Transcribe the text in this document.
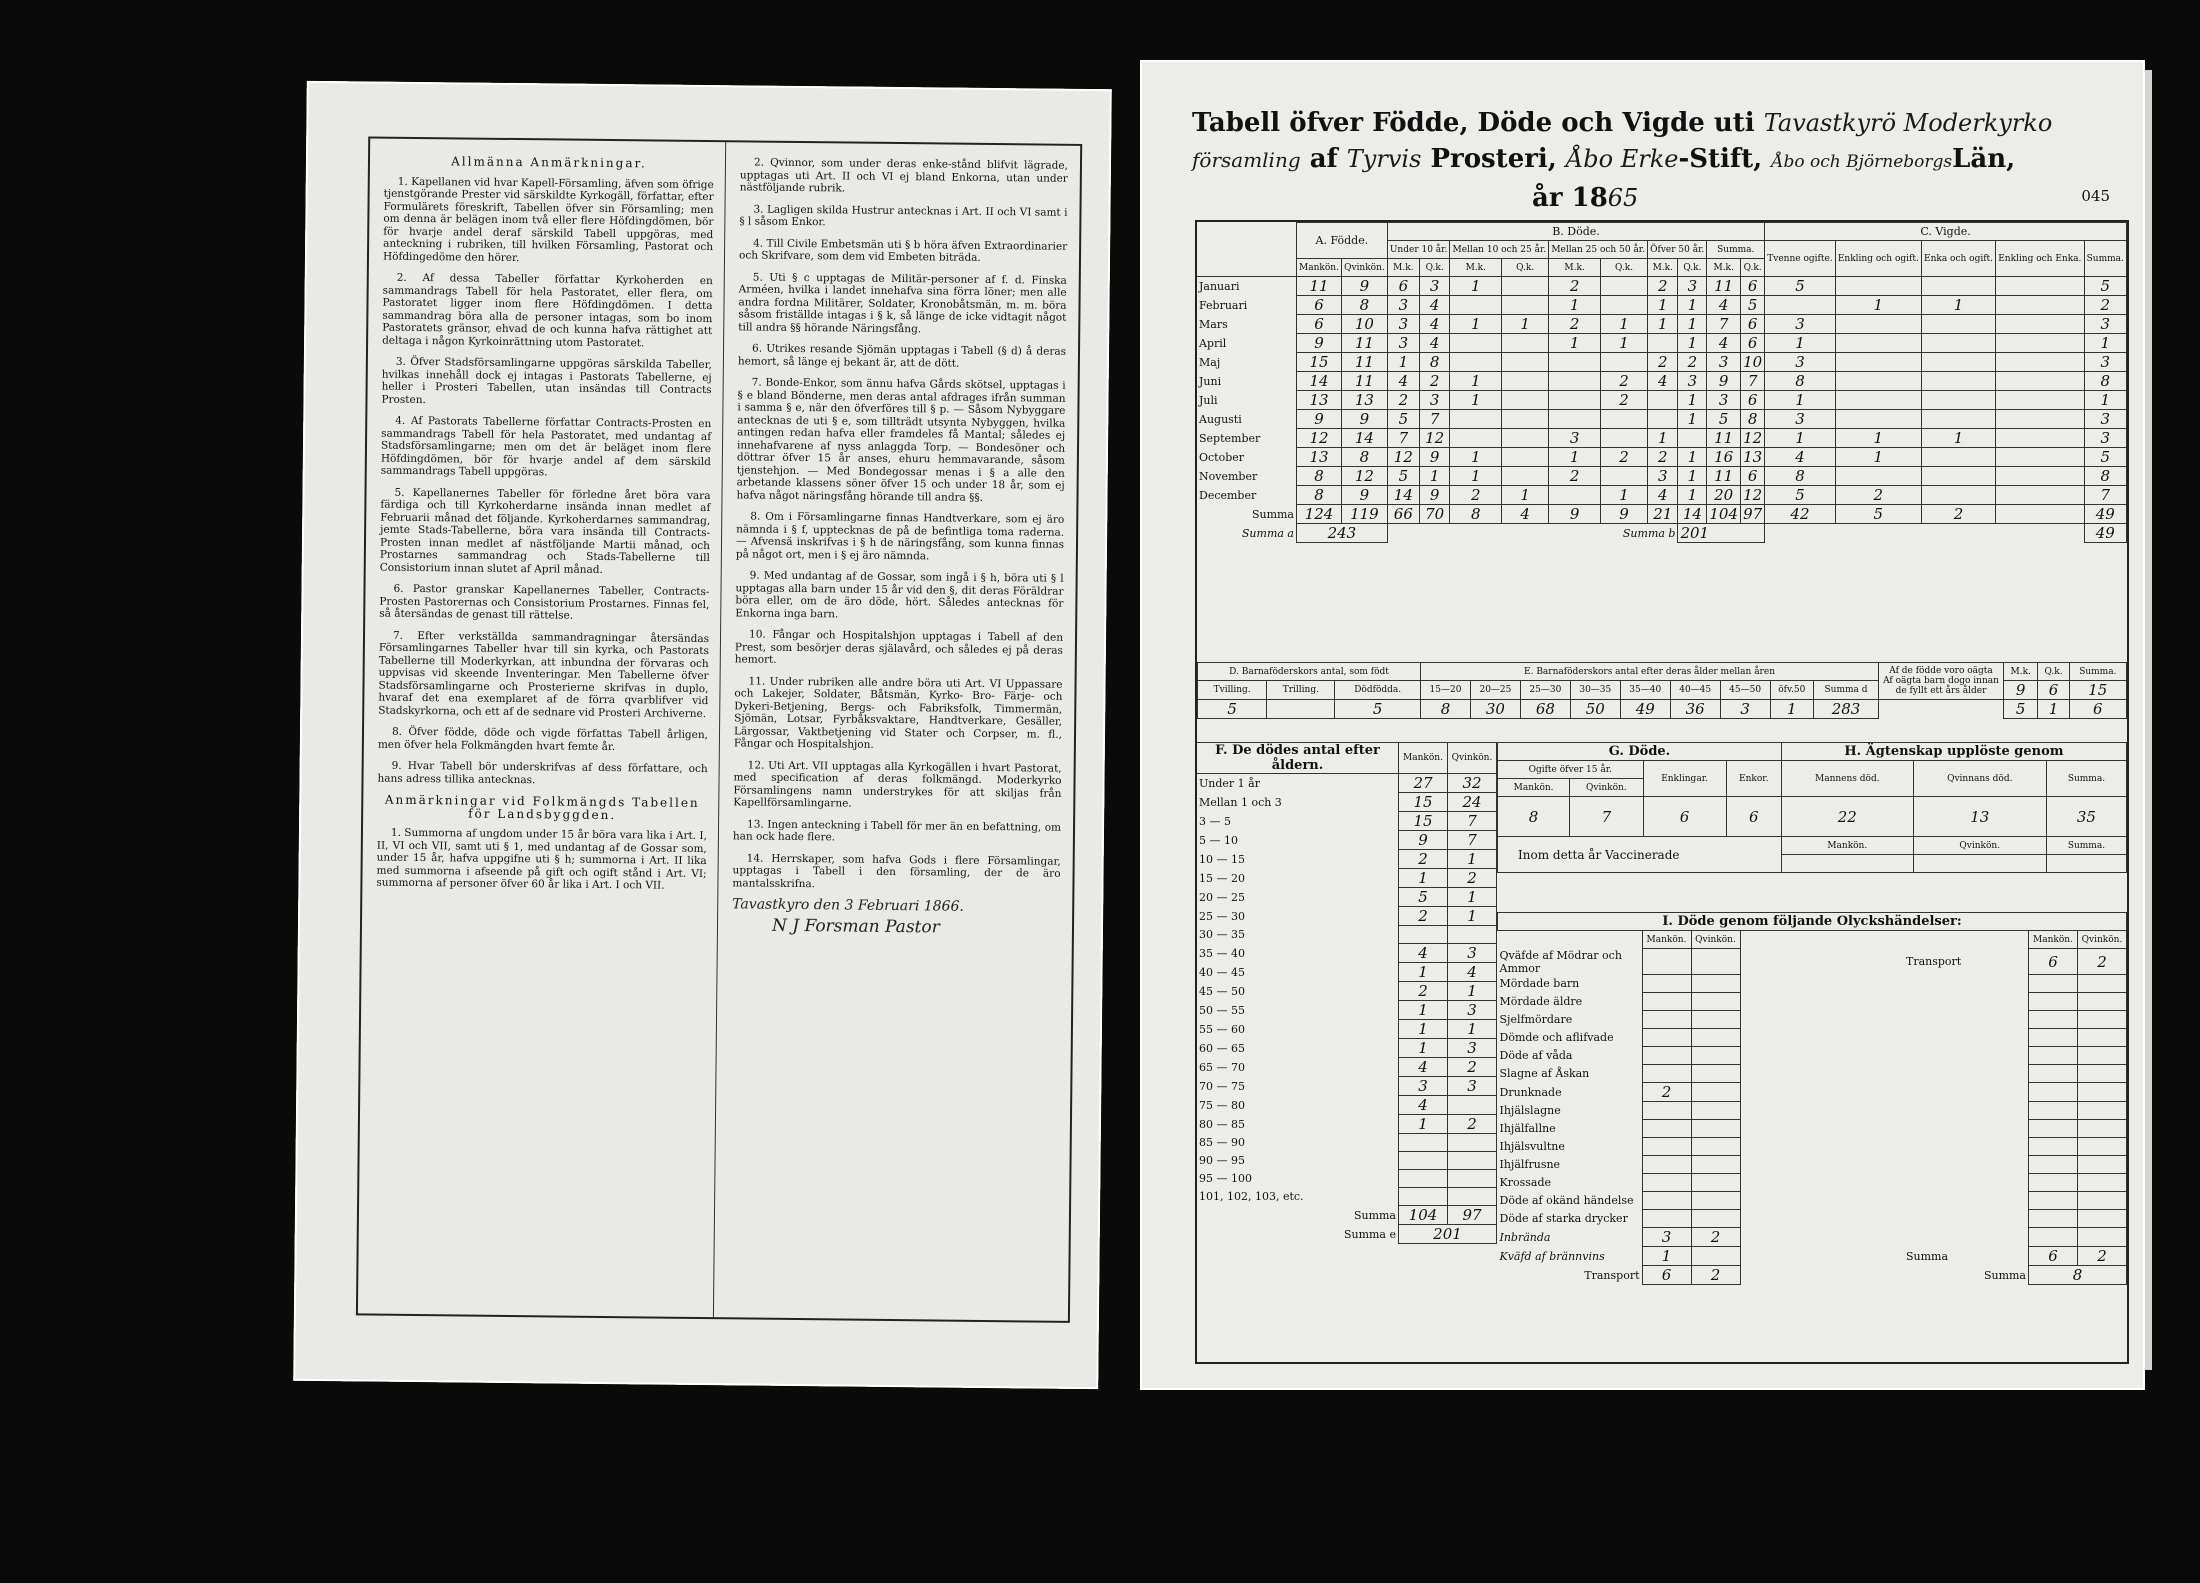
Allmänna Anmärkningar.

1. Kapellanen vid hvar Kapell-Församling, äfven som öfrige tjenstgörande Prester vid särskildte Kyrkogäll, författar, efter Formulärets föreskrift, Tabellen öfver sin Församling; men om denna är belägen inom två eller flere Höfdingdömen, bör för hvarje andel deraf särskild Tabell uppgöras, med anteckning i rubriken, till hvilken Församling, Pastorat och Höfdingedöme den hörer.

2. Af dessa Tabeller författar Kyrkoherden en sammandrags Tabell för hela Pastoratet, eller flera, om Pastoratet ligger inom flere Höfdingdömen. I detta sammandrag böra alla de personer intagas, som bo inom Pastoratets gränsor, ehvad de och kunna hafva rättighet att deltaga i någon Kyrkoinrättning utom Pastoratet.

3. Öfver Stadsförsamlingarne uppgöras särskilda Tabeller, hvilkas innehåll dock ej intagas i Pastorats Tabellerne, ej heller i Prosteri Tabellen, utan insändas till Contracts Prosten.

4. Af Pastorats Tabellerne författar Contracts-Prosten en sammandrags Tabell för hela Pastoratet, med undantag af Stadsförsamlingarne; men om det är beläget inom flere Höfdingdömen, bör för hvarje andel af dem särskild sammandrags Tabell uppgöras.

5. Kapellanernes Tabeller för förledne året böra vara färdiga och till Kyrkoherdarne insända innan medlet af Februarii månad det följande. Kyrkoherdarnes sammandrag, jemte Stads-Tabellerne, böra vara insända till Contracts-Prosten innan medlet af nästföljande Martii månad, och Prostarnes sammandrag och Stads-Tabellerne till Consistorium innan slutet af April månad.

6. Pastor granskar Kapellanernes Tabeller, Contracts-Prosten Pastorernas och Consistorium Prostarnes. Finnas fel, så återsändas de genast till rättelse.

7. Efter verkställda sammandragningar återsändas Församlingarnes Tabeller hvar till sin kyrka, och Pastorats Tabellerne till Moderkyrkan, att inbundna der förvaras och uppvisas vid skeende Inventeringar. Men Tabellerne öfver Stadsförsamlingarne och Prosterierne skrifvas in duplo, hvaraf det ena exemplaret af de förra qvarblifver vid Stadskyrkorna, och ett af de sednare vid Prosteri Archiverne.

8. Öfver födde, döde och vigde författas Tabell årligen, men öfver hela Folkmängden hvart femte år.

9. Hvar Tabell bör underskrifvas af dess författare, och hans adress tillika antecknas.

Anmärkningar vid Folkmängds Tabellen för Landsbyggden.

1. Summorna af ungdom under 15 år böra vara lika i Art. I, II, VI och VII, samt uti § 1, med undantag af de Gossar som, under 15 år, hafva uppgifne uti § h; summorna i Art. II lika med summorna i afseende på gift och ogift stånd i Art. VI; summorna af personer öfver 60 år lika i Art. I och VII.

2. Qvinnor, som under deras enke-stånd blifvit lägrade, upptagas uti Art. II och VI ej bland Enkorna, utan under nästföljande rubrik.

3. Lagligen skilda Hustrur antecknas i Art. II och VI samt i § l såsom Enkor.

4. Till Civile Embetsmän uti § b höra äfven Extraordinarier och Skrifvare, som dem vid Embeten biträda.

5. Uti § c upptagas de Militär-personer af f. d. Finska Arméen, hvilka i landet innehafva sina förra löner; men alle andra fordna Militärer, Soldater, Kronobåtsmän, m. m. böra såsom friställde intagas i § k, så länge de icke vidtagit något till andra §§ hörande Näringsfång.

6. Utrikes resande Sjömän upptagas i Tabell (§ d) å deras hemort, så länge ej bekant är, att de dött.

7. Bonde-Enkor, som ännu hafva Gårds skötsel, upptagas i § e bland Bönderne, men deras antal afdrages ifrån summan i samma § e, när den öfverföres till § p. — Såsom Nybyggare antecknas de uti § e, som tillträdt utsynta Nybyggen, hvilka antingen redan hafva eller framdeles få Mantal; således ej innehafvarene af nyss anlaggda Torp. — Bondesöner och döttrar öfver 15 år anses, ehuru hemmavarande, såsom tjenstehjon. — Med Bondegossar menas i § a alle den arbetande klassens söner öfver 15 och under 18 år, som ej hafva något näringsfång hörande till andra §§.

8. Om i Församlingarne finnas Handtverkare, som ej äro nämnda i § f, upptecknas de på de befintliga toma raderna. — Afvensä inskrifvas i § h de näringsfång, som kunna finnas på något ort, men i § ej äro nämnda.

9. Med undantag af de Gossar, som ingå i § h, böra uti § l upptagas alla barn under 15 år vid den §, dit deras Föräldrar böra eller, om de äro döde, hört. Således antecknas för Enkorna inga barn.

10. Fångar och Hospitalshjon upptagas i Tabell af den Prest, som besörjer deras själavård, och således ej på deras hemort.

11. Under rubriken alle andre böra uti Art. VI Uppassare och Lakejer, Soldater, Båtsmän, Kyrko- Bro- Färje- och Dykeri-Betjening, Bergs- och Fabriksfolk, Timmermän, Sjömän, Lotsar, Fyrbåksvaktare, Handtverkare, Gesäller, Lärgossar, Vaktbetjening vid Stater och Corpser, m. fl., Fångar och Hospitalshjon.

12. Uti Art. VII upptagas alla Kyrkogällen i hvart Pastorat, med specification af deras folkmängd. Moderkyrko Församlingens namn understrykes för att skiljas från Kapellförsamlingarne.

13. Ingen anteckning i Tabell för mer än en befattning, om han ock hade flere.

14. Herrskaper, som hafva Gods i flere Församlingar, upptagas i Tabell i den församling, der de äro mantalsskrifna.

Tavastkyro den 3 Februari 1866.
N J Forsman Pastor
Tabell öfver Födde, Döde och Vigde uti Tavastkyrö Moderkyrko
församling af Tyrvis Prosteri, Åbo Erke-Stift, Åbo och BjörneborgsLän,
år 1865	045
	A. Födde.		B. Döde.										C. Vigde.				
			Under 10 år.		Mellan 10 och 25 år.		Mellan 25 och 50 år.		Öfver 50 år.		Summa.		Tvenne ogifte.	Enkling och ogift.	Enka och ogift.	Enkling och Enka.	Summa.
	Mankön.	Qvinkön.	M.k.	Q.k.	M.k.	Q.k.	M.k.	Q.k.	M.k.	Q.k.	M.k.	Q.k.					
Januari	11	9	6	3	1		2		2	3	11	6	5				5
Februari	6	8	3	4			1		1	1	4	5		1	1		2
Mars	6	10	3	4	1	1	2	1	1	1	7	6	3				3
April	9	11	3	4			1	1		1	4	6	1				1
Maj	15	11	1	8					2	2	3	10	3				3
Juni	14	11	4	2	1			2	4	3	9	7	8				8
Juli	13	13	2	3	1			2		1	3	6	1				1
Augusti	9	9	5	7						1	5	8	3				3
September	12	14	7	12			3		1		11	12	1	1	1		3
October	13	8	12	9	1		1	2	2	1	16	13	4	1			5
November	8	12	5	1	1		2		3	1	11	6	8				8
December	8	9	14	9	2	1		1	4	1	20	12	5	2			7
Summa	124	119	66	70	8	4	9	9	21	14	104	97	42	5	2		49
Summa a	243		Summa b							201							49
D. Barnaföderskors antal, som födt			E. Barnaföderskors antal efter deras ålder mellan åren									Af de födde voro oägta
Af oägta barn dogo innan de fyllt ett års ålder	M.k.	Q.k.	Summa.
Tvilling.	Trilling.	Dödfödda.	15—20	20—25	25—30	30—35	35—40	40—45	45—50	öfv.50	Summa d		9	6	15
5		5	8	30	68	50	49	36	3	1	283		5	1	6
F. De dödes antal efter åldern.	Mankön.	Qvinkön.
Under 1 år	27	32
Mellan 1 och 3	15	24
3 — 5	15	7
5 — 10	9	7
10 — 15	2	1
15 — 20	1	2
20 — 25	5	1
25 — 30	2	1
30 — 35		
35 — 40	4	3
40 — 45	1	4
45 — 50	2	1
50 — 55	1	3
55 — 60	1	1
60 — 65	1	3
65 — 70	4	2
70 — 75	3	3
75 — 80	4	
80 — 85	1	2
85 — 90		
90 — 95		
95 — 100		
101, 102, 103, etc.		
Summa	104	97
Summa e	201	
G. Döde.				H. Ägtenskap upplöste genom		
Ogifte öfver 15 år.		Enklingar.	Enkor.	Mannens död.	Qvinnans död.	Summa.
Mankön.	Qvinkön.					
8	7	6	6	22	13	35
Inom detta år Vaccinerade				Mankön.	Qvinkön.	Summa.

I. Döde genom följande Olyckshändelser:						
	Mankön.	Qvinkön.			Mankön.	Qvinkön.
Qväfde af Mödrar och Ammor				Transport	6	2
Mördade barn						
Mördade äldre						
Sjelfmördare						
Dömde och aflifvade						
Döde af våda						
Slagne af Åskan						
Drunknade	2					
Ihjälslagne						
Ihjälfallne						
Ihjälsvultne						
Ihjälfrusne						
Krossade						
Döde af okänd händelse						
Döde af starka drycker						
Inbrända	3	2				
Kväfd af brännvins	1			Summa	6	2
Transport	6	2		Summa	8	
